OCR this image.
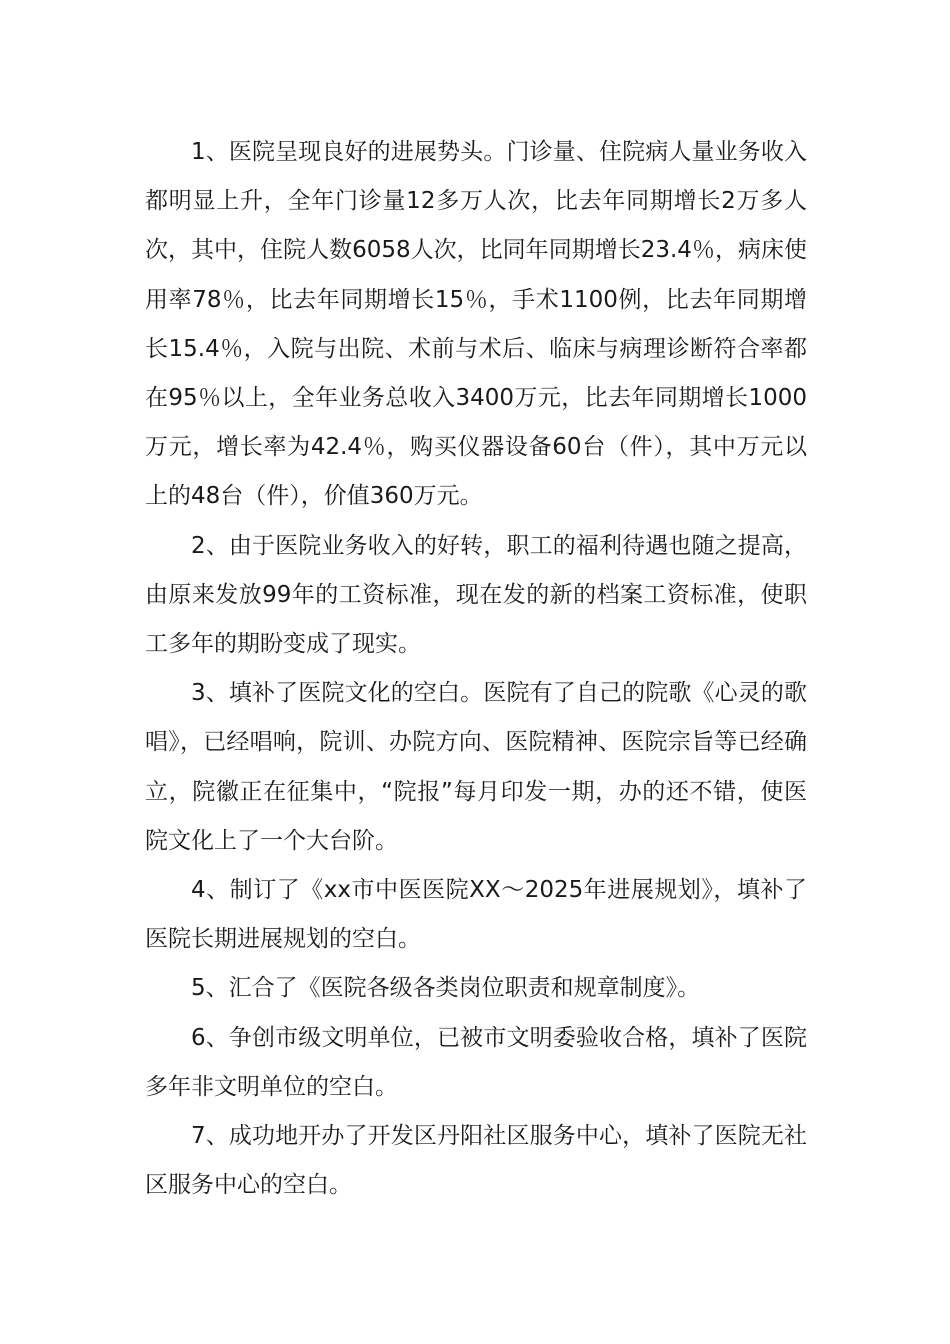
1、医院呈现良好的进展势头。门诊量、住院病人量业务收入都明显上升，全年门诊量12多万人次，比去年同期增长2万多人次，其中，住院人数6058人次，比同年同期增长23.4％，病床使用率78％，比去年同期增长15％，手术1100例，比去年同期增长15.4％，入院与出院、术前与术后、临床与病理诊断符合率都在95％以上，全年业务总收入3400万元，比去年同期增长1000万元，增长率为42.4％，购买仪器设备60台（件），其中万元以上的48台（件），价值360万元。

2、由于医院业务收入的好转，职工的福利待遇也随之提高，由原来发放99年的工资标准，现在发的新的档案工资标准，使职工多年的期盼变成了现实。

3、填补了医院文化的空白。医院有了自己的院歌《心灵的歌唱》，已经唱响，院训、办院方向、医院精神、医院宗旨等已经确立，院徽正在征集中，“院报”每月印发一期，办的还不错，使医院文化上了一个大台阶。

4、制订了《xx市中医医院XX～2025年进展规划》，填补了医院长期进展规划的空白。

5、汇合了《医院各级各类岗位职责和规章制度》。

6、争创市级文明单位，已被市文明委验收合格，填补了医院多年非文明单位的空白。

7、成功地开办了开发区丹阳社区服务中心，填补了医院无社区服务中心的空白。
